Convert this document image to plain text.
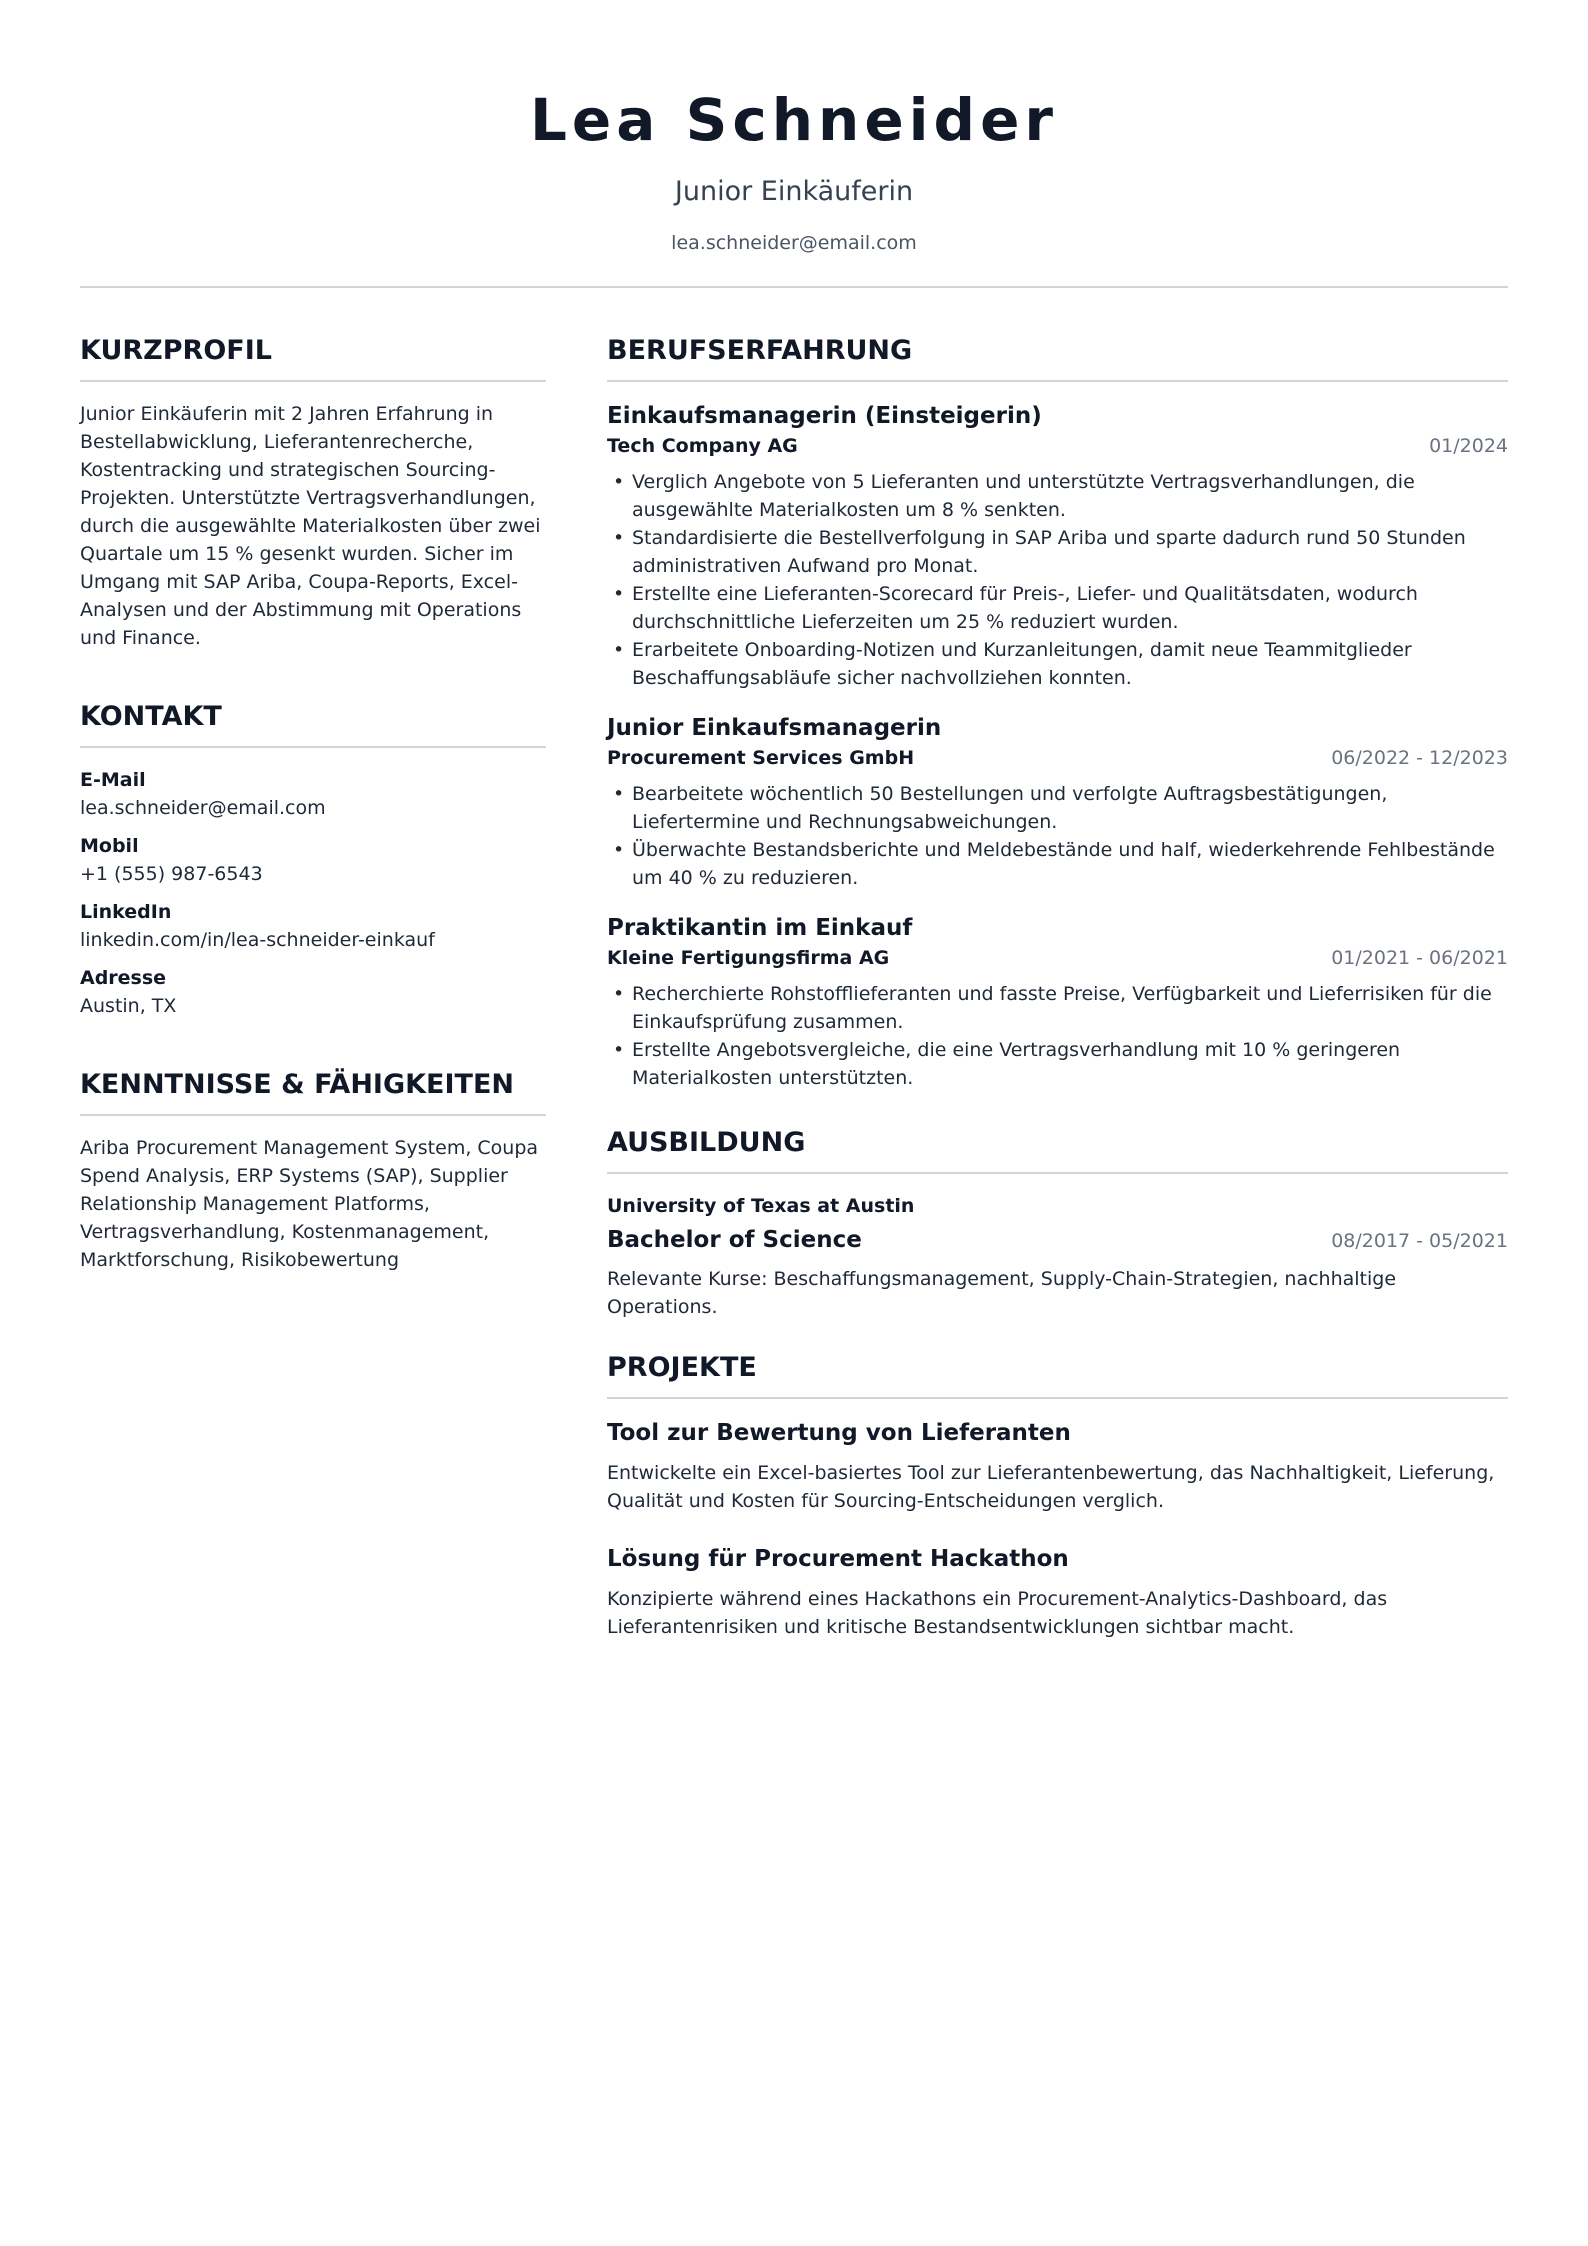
Lea Schneider
Junior Einkäuferin
lea.schneider@email.com
KURZPROFIL
Junior Einkäuferin mit 2 Jahren Erfahrung in Bestellabwicklung, Lieferantenrecherche, Kostentracking und strategischen Sourcing-Projekten. Unterstützte Vertragsverhandlungen, durch die ausgewählte Materialkosten über zwei Quartale um 15 % gesenkt wurden. Sicher im Umgang mit SAP Ariba, Coupa-Reports, Excel-Analysen und der Abstimmung mit Operations und Finance.
KONTAKT
E-Mail
lea.schneider@email.com
Mobil
+1 (555) 987-6543
LinkedIn
linkedin.com/in/lea-schneider-einkauf
Adresse
Austin, TX
KENNTNISSE & FÄHIGKEITEN
Ariba Procurement Management System, Coupa Spend Analysis, ERP Systems (SAP), Supplier Relationship Management Platforms, Vertragsverhandlung, Kostenmanagement, Marktforschung, Risikobewertung
BERUFSERFAHRUNG
Einkaufsmanagerin (Einsteigerin)
Tech Company AG	01/2024
• Verglich Angebote von 5 Lieferanten und unterstützte Vertragsverhandlungen, die ausgewählte Materialkosten um 8 % senkten.
• Standardisierte die Bestellverfolgung in SAP Ariba und sparte dadurch rund 50 Stunden administrativen Aufwand pro Monat.
• Erstellte eine Lieferanten-Scorecard für Preis-, Liefer- und Qualitätsdaten, wodurch durchschnittliche Lieferzeiten um 25 % reduziert wurden.
• Erarbeitete Onboarding-Notizen und Kurzanleitungen, damit neue Teammitglieder Beschaffungsabläufe sicher nachvollziehen konnten.
Junior Einkaufsmanagerin
Procurement Services GmbH	06/2022 - 12/2023
• Bearbeitete wöchentlich 50 Bestellungen und verfolgte Auftragsbestätigungen, Liefertermine und Rechnungsabweichungen.
• Überwachte Bestandsberichte und Meldebestände und half, wiederkehrende Fehlbestände um 40 % zu reduzieren.
Praktikantin im Einkauf
Kleine Fertigungsfirma AG	01/2021 - 06/2021
• Recherchierte Rohstofflieferanten und fasste Preise, Verfügbarkeit und Lieferrisiken für die Einkaufsprüfung zusammen.
• Erstellte Angebotsvergleiche, die eine Vertragsverhandlung mit 10 % geringeren Materialkosten unterstützten.
AUSBILDUNG
University of Texas at Austin
Bachelor of Science	08/2017 - 05/2021
Relevante Kurse: Beschaffungsmanagement, Supply-Chain-Strategien, nachhaltige Operations.
PROJEKTE
Tool zur Bewertung von Lieferanten
Entwickelte ein Excel-basiertes Tool zur Lieferantenbewertung, das Nachhaltigkeit, Lieferung, Qualität und Kosten für Sourcing-Entscheidungen verglich.
Lösung für Procurement Hackathon
Konzipierte während eines Hackathons ein Procurement-Analytics-Dashboard, das Lieferantenrisiken und kritische Bestandsentwicklungen sichtbar macht.
